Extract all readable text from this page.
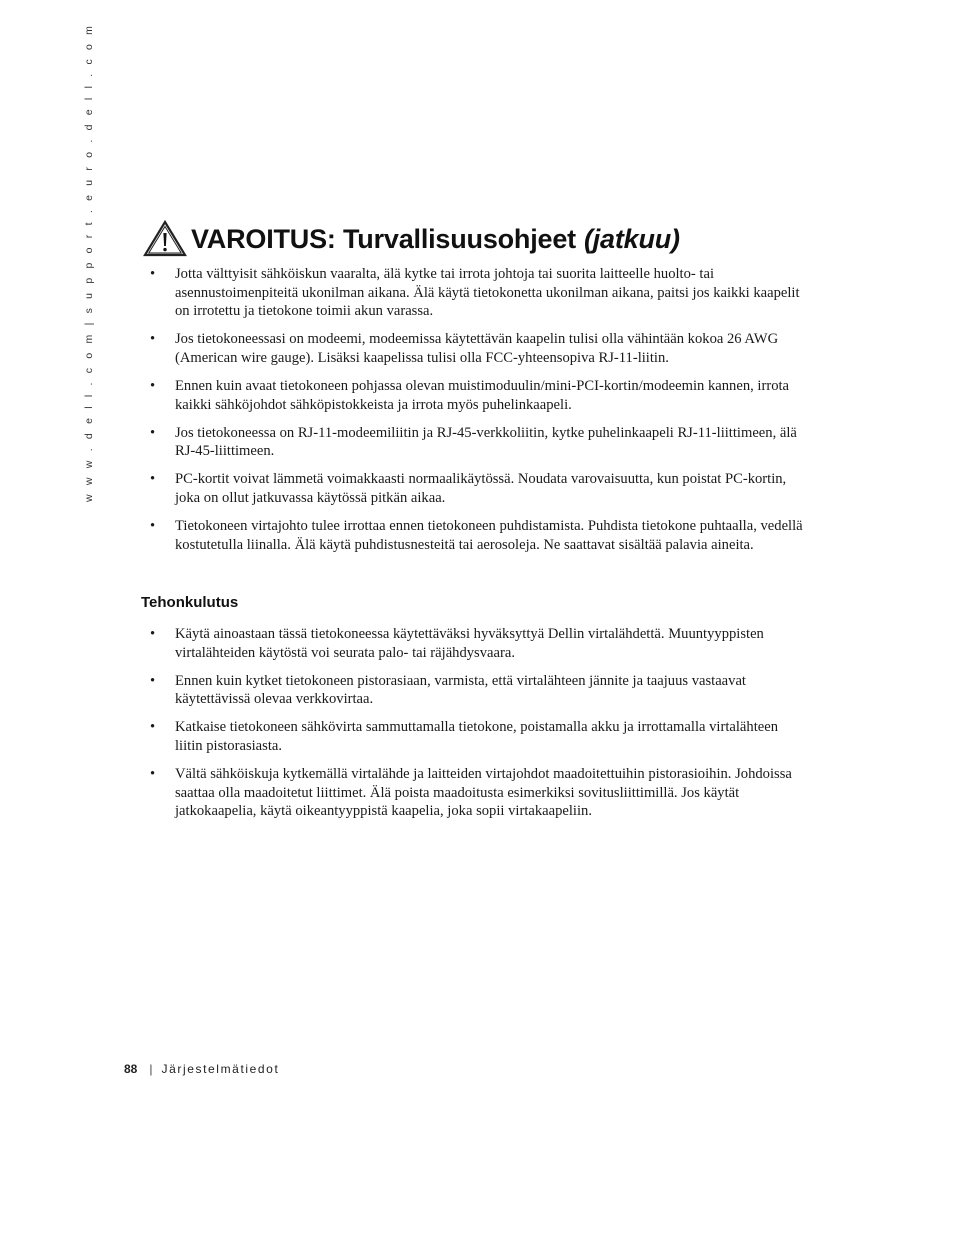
w w w . d e l l . c o m | s u p p o r t . e u r o . d e l l . c o m	VAROITUS: Turvallisuusohjeet (jatkuu)
• Jotta välttyisit sähköiskun vaaralta, älä kytke tai irrota johtoja tai suorita laitteelle huolto- tai asennustoimenpiteitä ukonilman aikana. Älä käytä tietokonetta ukonilman aikana, paitsi jos kaikki kaapelit on irrotettu ja tietokone toimii akun varassa.
• Jos tietokoneessasi on modeemi, modeemissa käytettävän kaapelin tulisi olla vähintään kokoa 26 AWG (American wire gauge). Lisäksi kaapelissa tulisi olla FCC-yhteensopiva RJ-11-liitin.
• Ennen kuin avaat tietokoneen pohjassa olevan muistimoduulin/mini-PCI-kortin/modeemin kannen, irrota kaikki sähköjohdot sähköpistokkeista ja irrota myös puhelinkaapeli.
• Jos tietokoneessa on RJ-11-modeemiliitin ja RJ-45-verkkoliitin, kytke puhelinkaapeli RJ-11-liittimeen, älä RJ-45-liittimeen.
• PC-kortit voivat lämmetä voimakkaasti normaalikäytössä. Noudata varovaisuutta, kun poistat PC-kortin, joka on ollut jatkuvassa käytössä pitkän aikaa.
• Tietokoneen virtajohto tulee irrottaa ennen tietokoneen puhdistamista. Puhdista tietokone puhtaalla, vedellä kostutetulla liinalla. Älä käytä puhdistusnesteitä tai aerosoleja. Ne saattavat sisältää palavia aineita.
Tehonkulutus
• Käytä ainoastaan tässä tietokoneessa käytettäväksi hyväksyttyä Dellin virtalähdettä. Muuntyyppisten virtalähteiden käytöstä voi seurata palo- tai räjähdysvaara.
• Ennen kuin kytket tietokoneen pistorasiaan, varmista, että virtalähteen jännite ja taajuus vastaavat käytettävissä olevaa verkkovirtaa.
• Katkaise tietokoneen sähkövirta sammuttamalla tietokone, poistamalla akku ja irrottamalla virtalähteen liitin pistorasiasta.
• Vältä sähköiskuja kytkemällä virtalähde ja laitteiden virtajohdot maadoitettuihin pistorasioihin. Johdoissa saattaa olla maadoitetut liittimet. Älä poista maadoitusta esimerkiksi sovitusliittimillä. Jos käytät jatkokaapelia, käytä oikeantyyppistä kaapelia, joka sopii virtakaapeliin.
88 | Järjestelmätiedot
